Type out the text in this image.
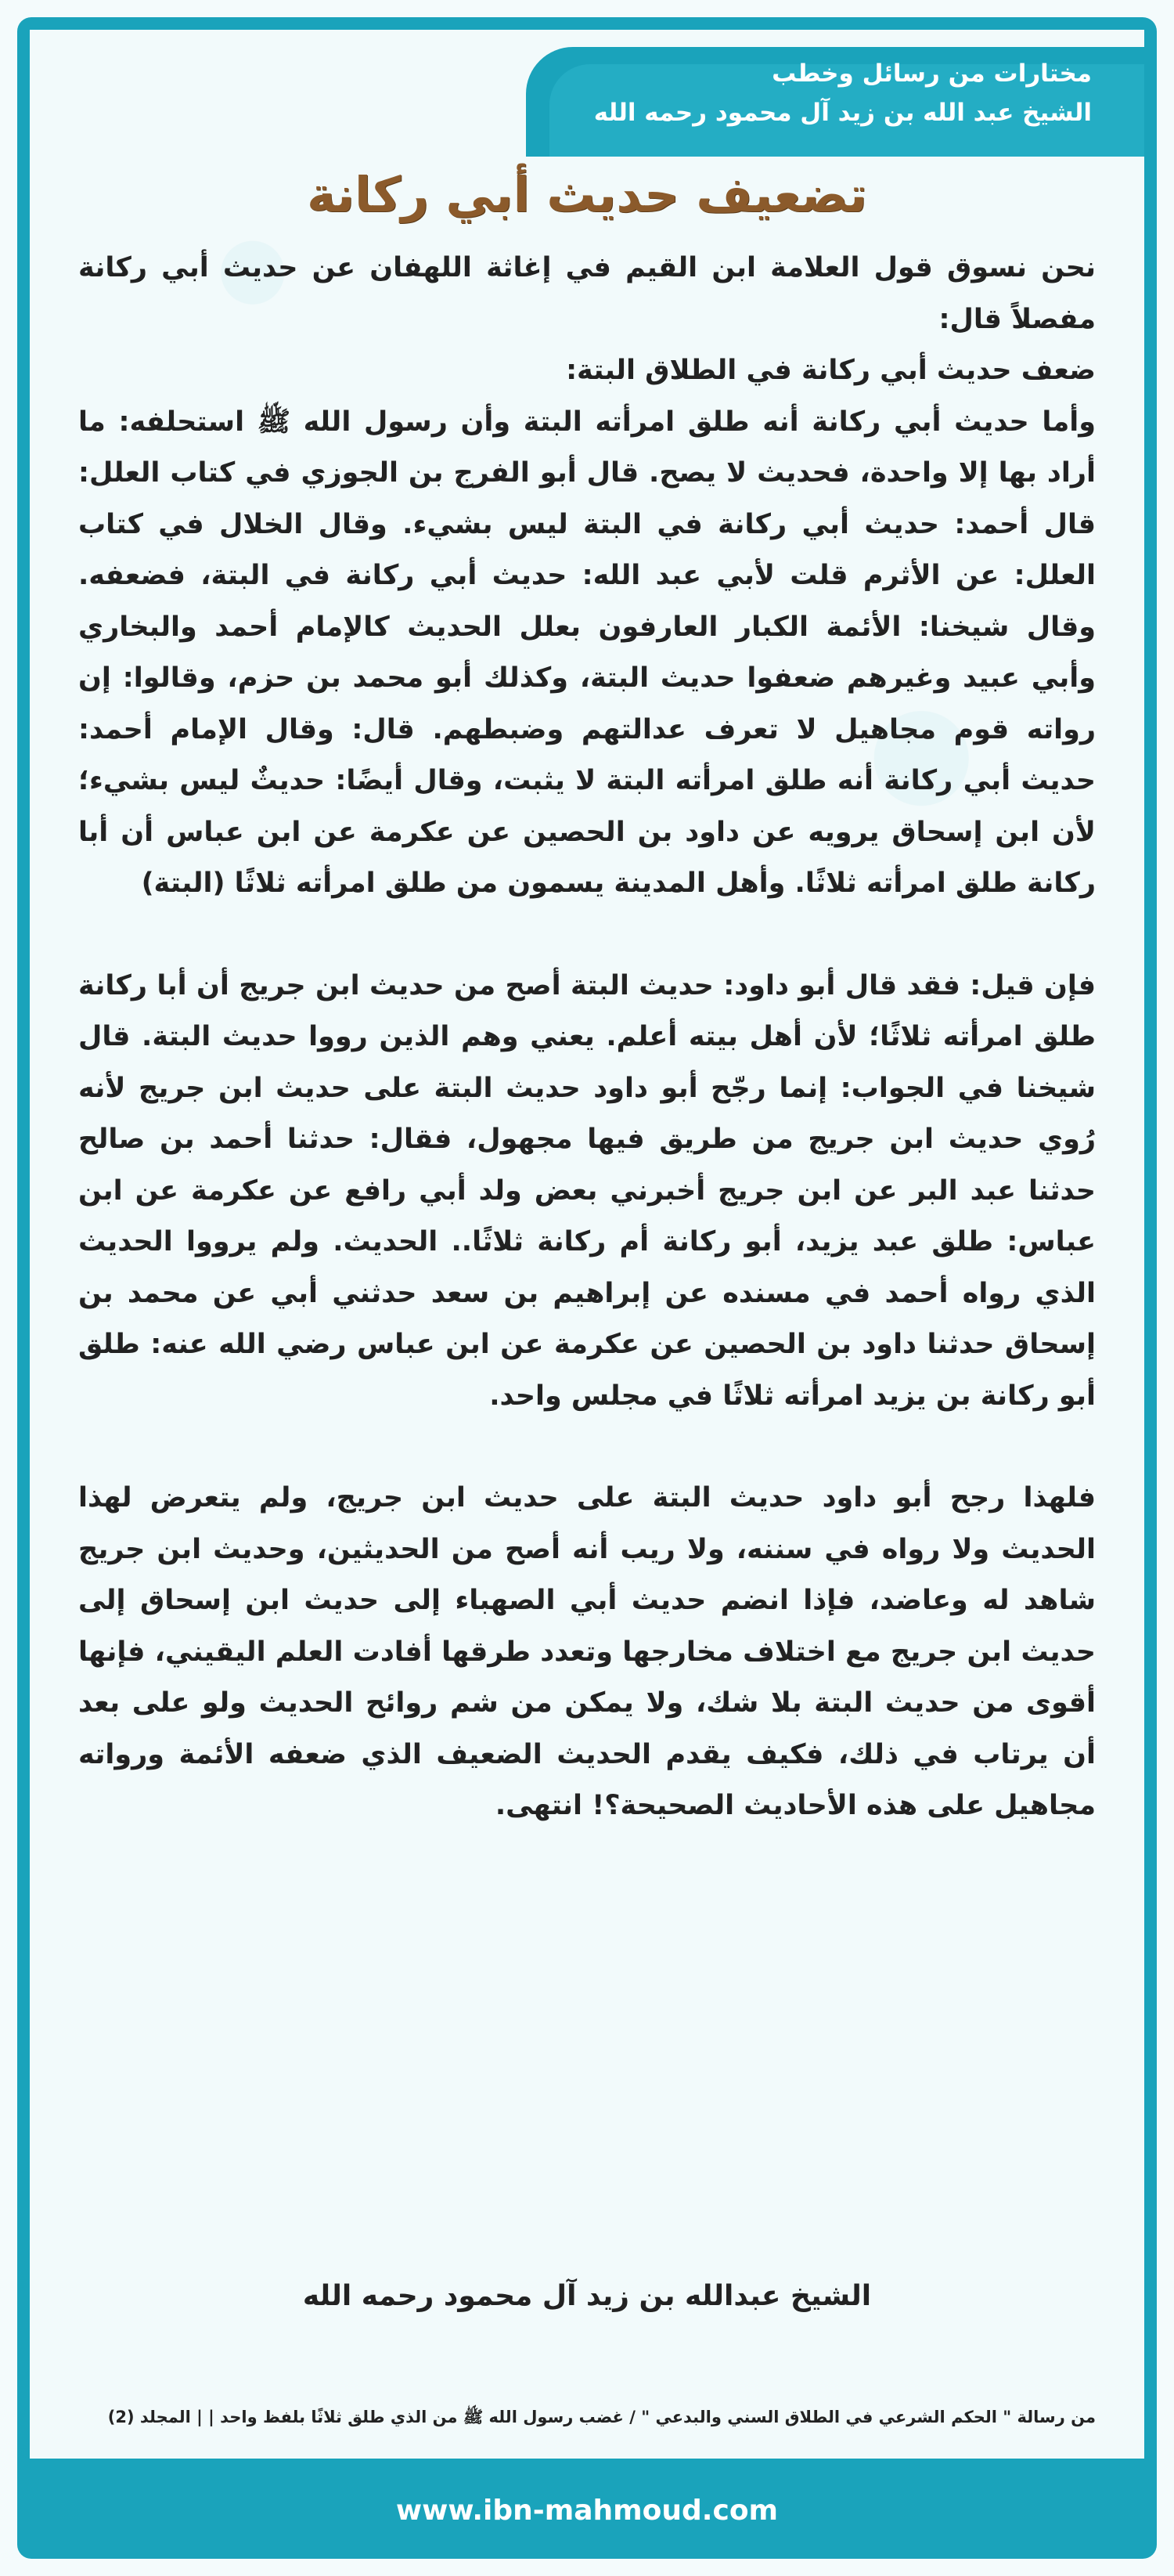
مختارات من رسائل وخطب
الشيخ عبد الله بن زيد آل محمود رحمه الله
تضعيف حديث أبي ركانة

نحن نسوق قول العلامة ابن القيم في إغاثة اللهفان عن حديث أبي ركانة مفصلاً قال:

ضعف حديث أبي ركانة في الطلاق البتة:

وأما حديث أبي ركانة أنه طلق امرأته البتة وأن رسول الله ﷺ استحلفه: ما أراد بها إلا واحدة، فحديث لا يصح. قال أبو الفرج بن الجوزي في كتاب العلل: قال أحمد: حديث أبي ركانة في البتة ليس بشيء. وقال الخلال في كتاب العلل: عن الأثرم قلت لأبي عبد الله: حديث أبي ركانة في البتة، فضعفه. وقال شيخنا: الأئمة الكبار العارفون بعلل الحديث كالإمام أحمد والبخاري وأبي عبيد وغيرهم ضعفوا حديث البتة، وكذلك أبو محمد بن حزم، وقالوا: إن رواته قوم مجاهيل لا تعرف عدالتهم وضبطهم. قال: وقال الإمام أحمد: حديث أبي ركانة أنه طلق امرأته البتة لا يثبت، وقال أيضًا: حديثٌ ليس بشيء؛ لأن ابن إسحاق يرويه عن داود بن الحصين عن عكرمة عن ابن عباس أن أبا ركانة طلق امرأته ثلاثًا. وأهل المدينة يسمون من طلق امرأته ثلاثًا (البتة)

فإن قيل: فقد قال أبو داود: حديث البتة أصح من حديث ابن جريج أن أبا ركانة طلق امرأته ثلاثًا؛ لأن أهل بيته أعلم. يعني وهم الذين رووا حديث البتة. قال شيخنا في الجواب: إنما رجّح أبو داود حديث البتة على حديث ابن جريج لأنه رُوي حديث ابن جريج من طريق فيها مجهول، فقال: حدثنا أحمد بن صالح حدثنا عبد البر عن ابن جريج أخبرني بعض ولد أبي رافع عن عكرمة عن ابن عباس: طلق عبد يزيد، أبو ركانة أم ركانة ثلاثًا.. الحديث. ولم يرووا الحديث الذي رواه أحمد في مسنده عن إبراهيم بن سعد حدثني أبي عن محمد بن إسحاق حدثنا داود بن الحصين عن عكرمة عن ابن عباس رضي الله عنه: طلق أبو ركانة بن يزيد امرأته ثلاثًا في مجلس واحد.

فلهذا رجح أبو داود حديث البتة على حديث ابن جريج، ولم يتعرض لهذا الحديث ولا رواه في سننه، ولا ريب أنه أصح من الحديثين، وحديث ابن جريج شاهد له وعاضد، فإذا انضم حديث أبي الصهباء إلى حديث ابن إسحاق إلى حديث ابن جريج مع اختلاف مخارجها وتعدد طرقها أفادت العلم اليقيني، فإنها أقوى من حديث البتة بلا شك، ولا يمكن من شم روائح الحديث ولو على بعد أن يرتاب في ذلك، فكيف يقدم الحديث الضعيف الذي ضعفه الأئمة ورواته مجاهيل على هذه الأحاديث الصحيحة؟! انتهى.

الشيخ عبدالله بن زيد آل محمود رحمه الله
من رسالة " الحكم الشرعي في الطلاق السني والبدعي " / غضب رسول الله ﷺ من الذي طلق ثلاثًا بلفظ واحد | | المجلد (2)
www.ibn-mahmoud.com
